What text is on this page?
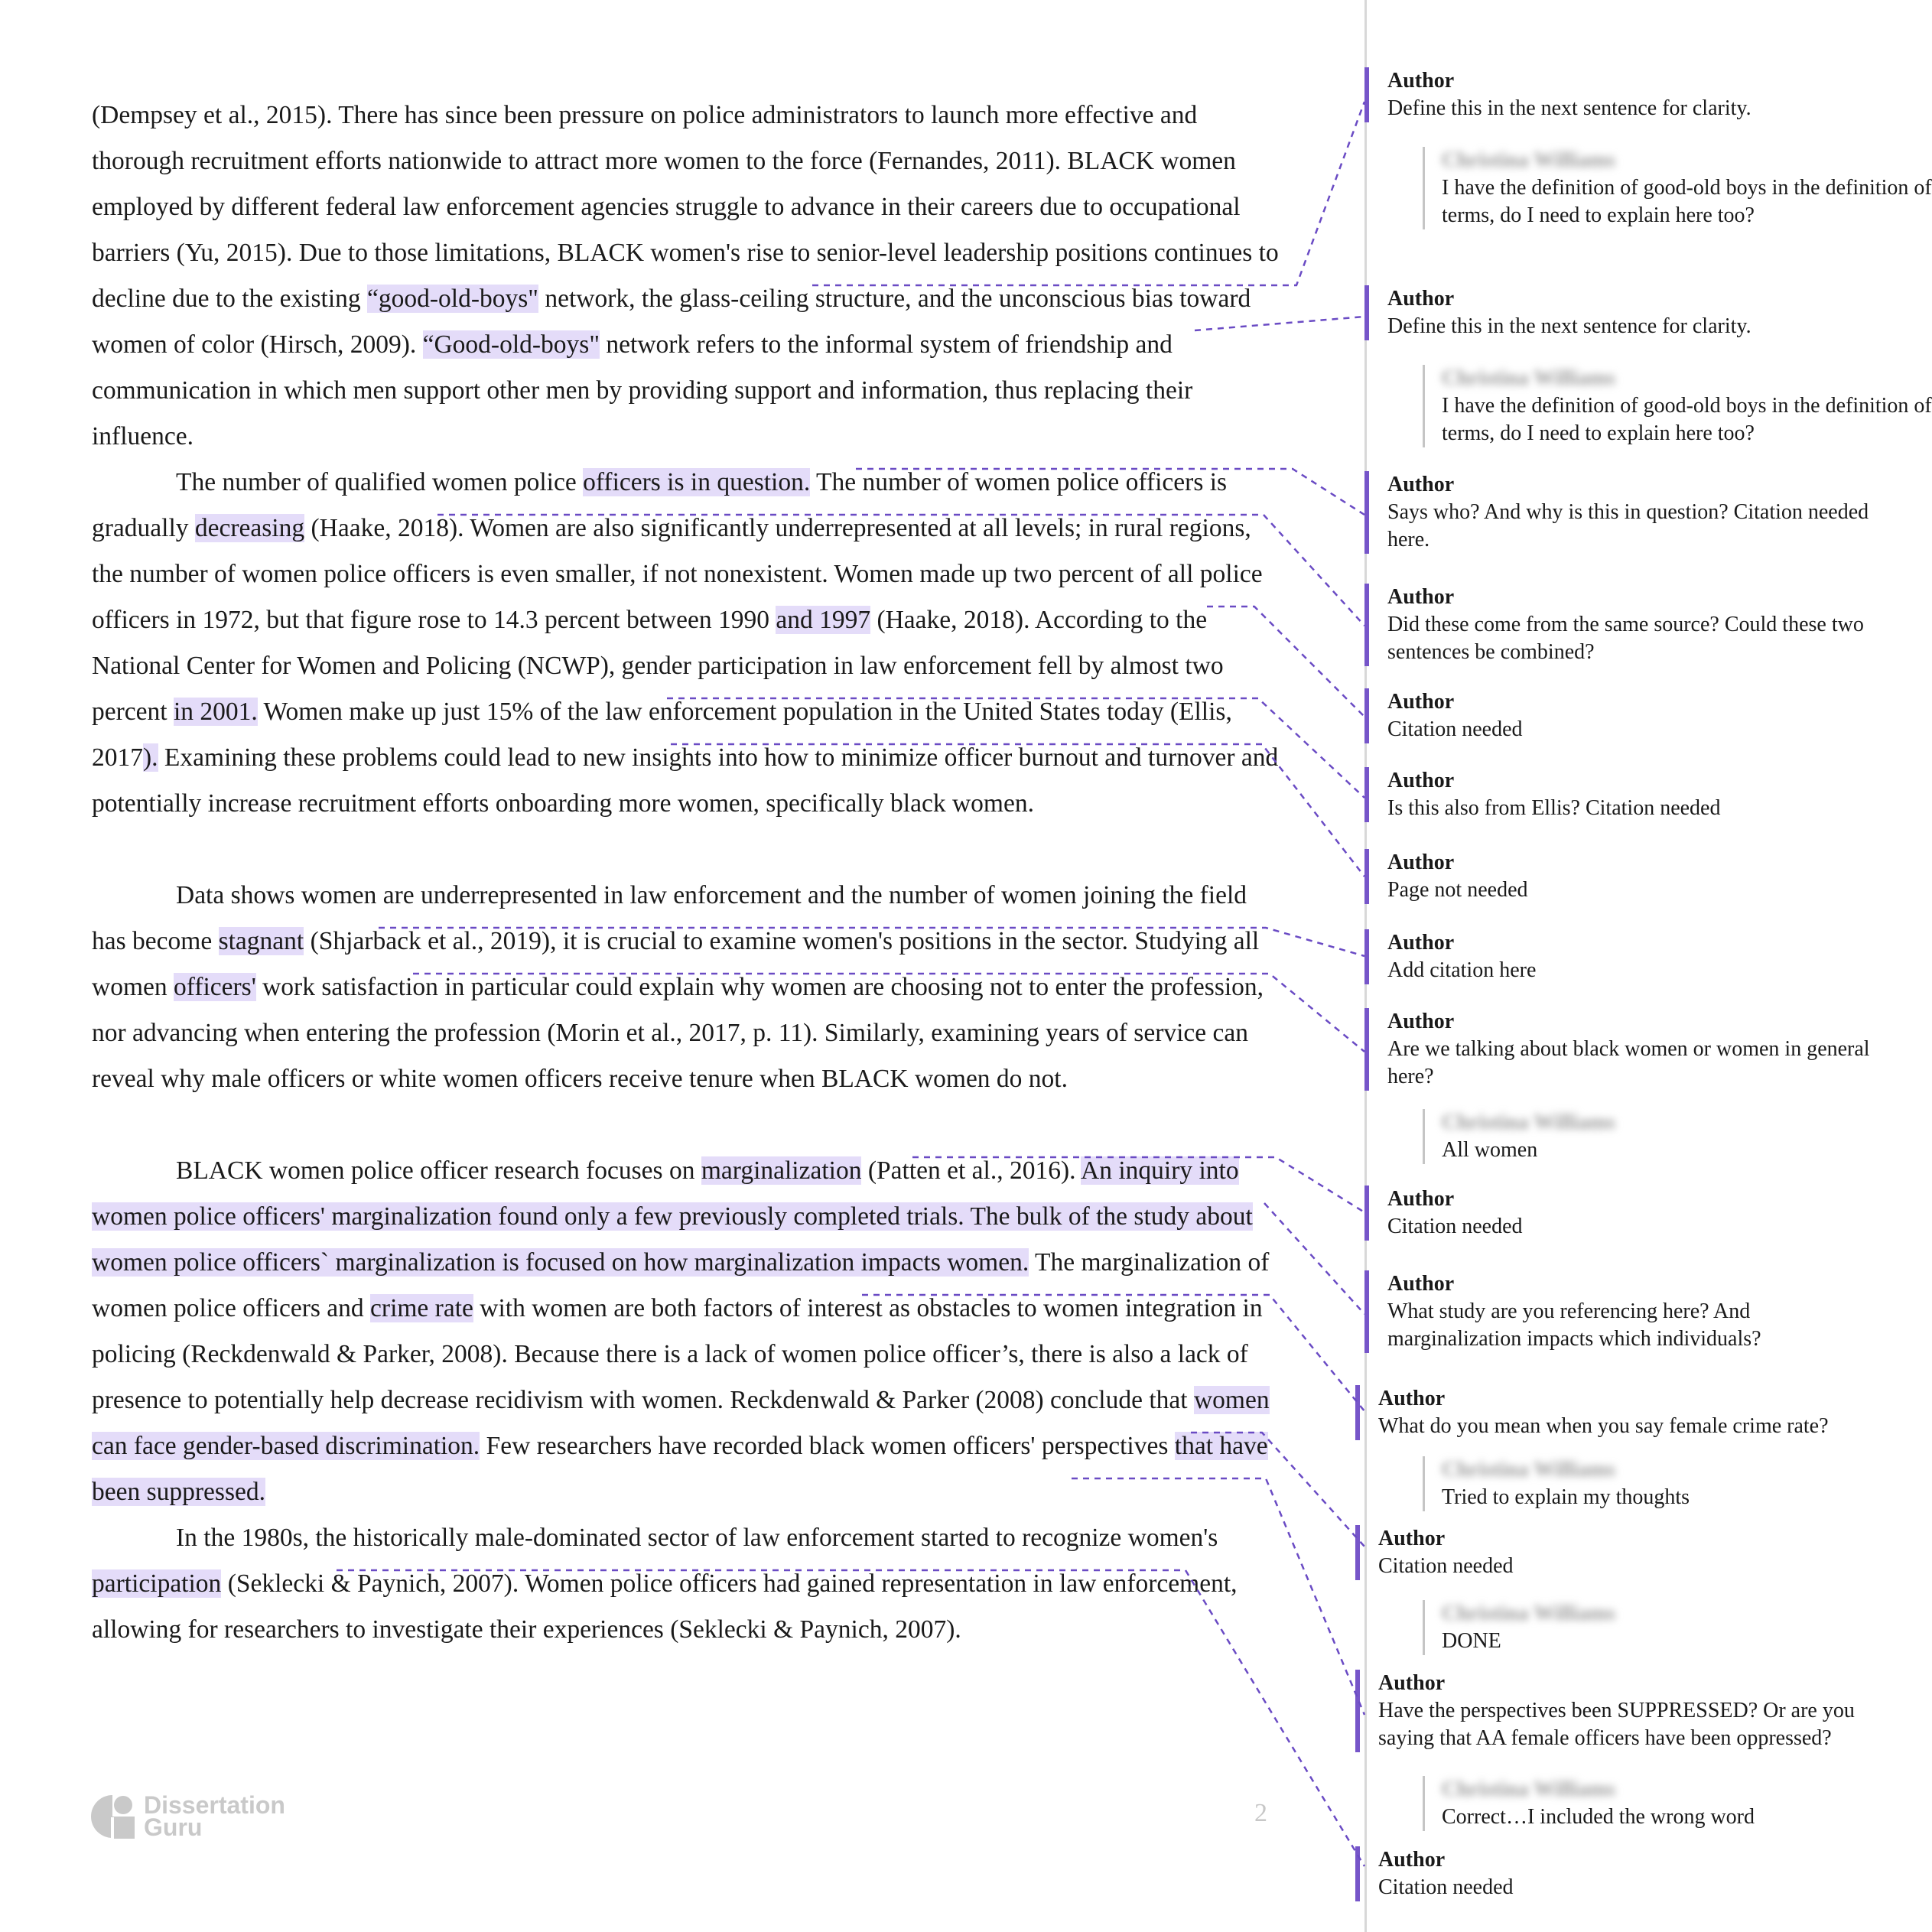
(Dempsey et al., 2015). There has since been pressure on police administrators to launch more effective and thorough recruitment efforts nationwide to attract more women to the force (Fernandes, 2011). BLACK women employed by different federal law enforcement agencies struggle to advance in their careers due to occupational barriers (Yu, 2015). Due to those limitations, BLACK women's rise to senior-level leadership positions continues to decline due to the existing “good-old-boys" network, the glass-ceiling structure, and the unconscious bias toward women of color (Hirsch, 2009). “Good-old-boys" network refers to the informal system of friendship and communication in which men support other men by providing support and information, thus replacing their influence.

The number of qualified women police officers is in question. The number of women police officers is gradually decreasing (Haake, 2018). Women are also significantly underrepresented at all levels; in rural regions, the number of women police officers is even smaller, if not nonexistent. Women made up two percent of all police officers in 1972, but that figure rose to 14.3 percent between 1990 and 1997 (Haake, 2018). According to the National Center for Women and Policing (NCWP), gender participation in law enforcement fell by almost two percent in 2001. Women make up just 15% of the law enforcement population in the United States today (Ellis, 2017). Examining these problems could lead to new insights into how to minimize officer burnout and turnover and potentially increase recruitment efforts onboarding more women, specifically black women.

Data shows women are underrepresented in law enforcement and the number of women joining the field has become stagnant (Shjarback et al., 2019), it is crucial to examine women's positions in the sector. Studying all women officers' work satisfaction in particular could explain why women are choosing not to enter the profession, nor advancing when entering the profession (Morin et al., 2017, p. 11). Similarly, examining years of service can reveal why male officers or white women officers receive tenure when BLACK women do not.

BLACK women police officer research focuses on marginalization (Patten et al., 2016). An inquiry into women police officers' marginalization found only a few previously completed trials. The bulk of the study about women police officers` marginalization is focused on how marginalization impacts women. The marginalization of women police officers and crime rate with women are both factors of interest as obstacles to women integration in policing (Reckdenwald & Parker, 2008). Because there is a lack of women police officer’s, there is also a lack of presence to potentially help decrease recidivism with women. Reckdenwald & Parker (2008) conclude that women can face gender-based discrimination. Few researchers have recorded black women officers' perspectives that have been suppressed.

In the 1980s, the historically male-dominated sector of law enforcement started to recognize women's participation (Seklecki & Paynich, 2007). Women police officers had gained representation in law enforcement, allowing for researchers to investigate their experiences (Seklecki & Paynich, 2007).

Dissertation
Guru	2
Author
Define this in the next sentence for clarity.
Christina Williams
I have the definition of good-old boys in the definition of terms, do I need to explain here too?
Author
Define this in the next sentence for clarity.
Christina Williams
I have the definition of good-old boys in the definition of terms, do I need to explain here too?
Author
Says who? And why is this in question? Citation needed here.
Author
Did these come from the same source? Could these two sentences be combined?
Author
Citation needed
Author
Is this also from Ellis? Citation needed
Author
Page not needed
Author
Add citation here
Author
Are we talking about black women or women in general here?
Christina Williams
All women
Author
Citation needed
Author
What study are you referencing here? And marginalization impacts which individuals?
Author
What do you mean when you say female crime rate?
Christina Williams
Tried to explain my thoughts
Author
Citation needed
Christina Williams
DONE
Author
Have the perspectives been SUPPRESSED? Or are you saying that AA female officers have been oppressed?
Christina Williams
Correct…I included the wrong word
Author
Citation needed
